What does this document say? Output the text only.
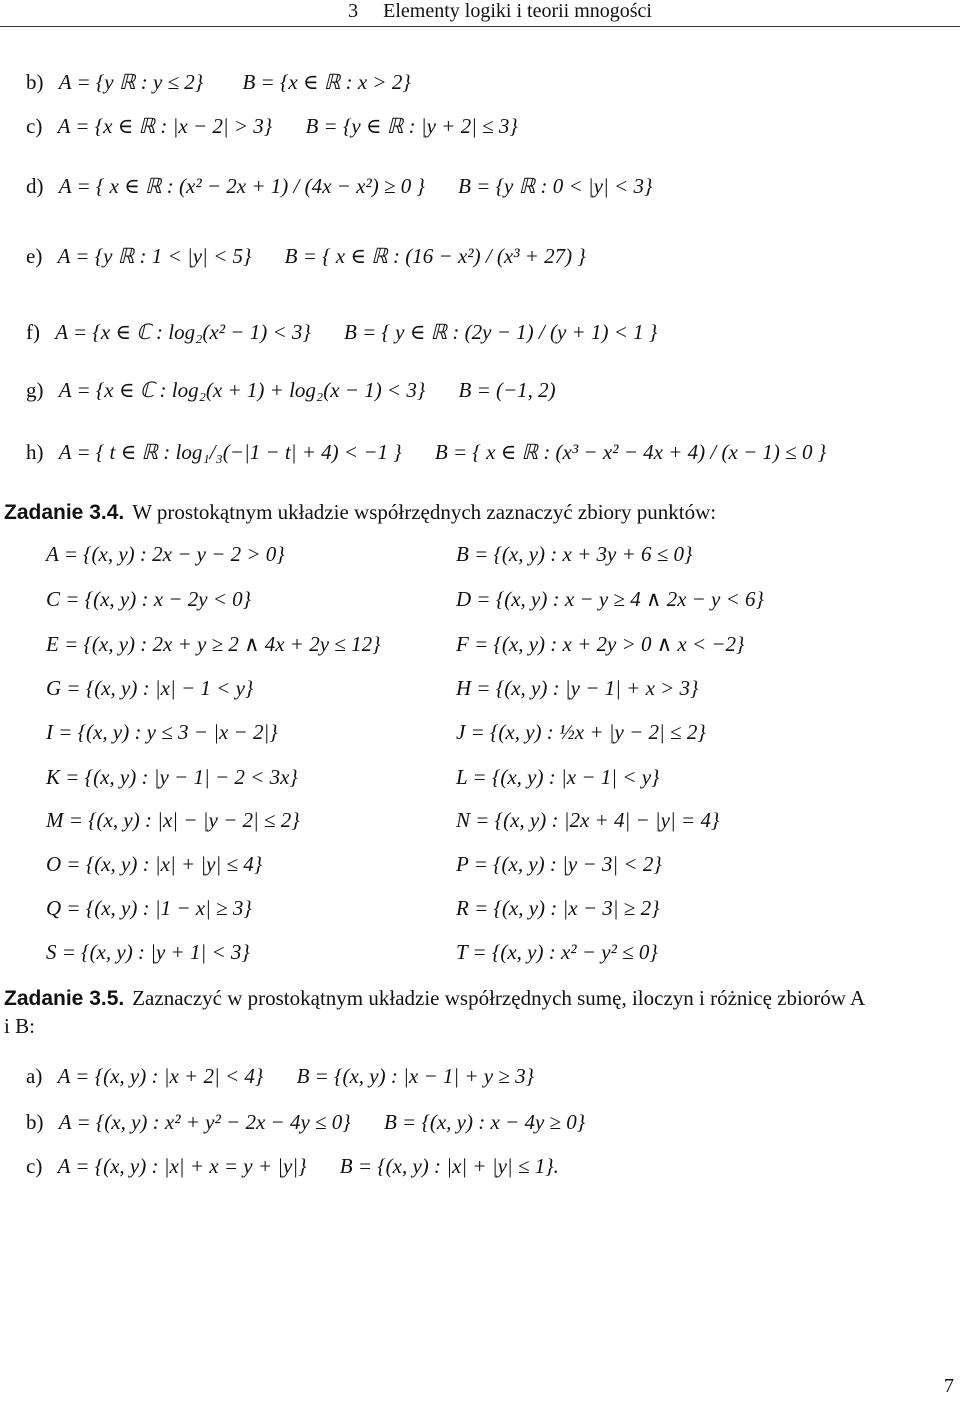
3 Elementy logiki i teorii mnogości
b) A = {y ℝ : y ≤ 2} B = {x ∈ ℝ : x > 2}
c) A = {x ∈ ℝ : |x − 2| > 3} B = {y ∈ ℝ : |y + 2| ≤ 3}
d) A = { x ∈ ℝ : (x² − 2x + 1) / (4x − x²) ≥ 0 } B = {y ℝ : 0 < |y| < 3}
e) A = {y ℝ : 1 < |y| < 5} B = { x ∈ ℝ : (16 − x²) / (x³ + 27) }
f) A = {x ∈ ℂ : log₂(x² − 1) < 3} B = { y ∈ ℝ : (2y − 1) / (y + 1) < 1 }
g) A = {x ∈ ℂ : log₂(x + 1) + log₂(x − 1) < 3} B = (−1, 2)
h) A = { t ∈ ℝ : log₁/₃(−|1 − t| + 4) < −1 } B = { x ∈ ℝ : (x³ − x² − 4x + 4) / (x − 1) ≤ 0 }
Zadanie 3.4. W prostokątnym układzie współrzędnych zaznaczyć zbiory punktów:
A = {(x, y) : 2x − y − 2 > 0}	B = {(x, y) : x + 3y + 6 ≤ 0}
C = {(x, y) : x − 2y < 0}	D = {(x, y) : x − y ≥ 4 ∧ 2x − y < 6}
E = {(x, y) : 2x + y ≥ 2 ∧ 4x + 2y ≤ 12}	F = {(x, y) : x + 2y > 0 ∧ x < −2}
G = {(x, y) : |x| − 1 < y}	H = {(x, y) : |y − 1| + x > 3}
I = {(x, y) : y ≤ 3 − |x − 2|}	J = {(x, y) : ½x + |y − 2| ≤ 2}
K = {(x, y) : |y − 1| − 2 < 3x}	L = {(x, y) : |x − 1| < y}
M = {(x, y) : |x| − |y − 2| ≤ 2}	N = {(x, y) : |2x + 4| − |y| = 4}
O = {(x, y) : |x| + |y| ≤ 4}	P = {(x, y) : |y − 3| < 2}
Q = {(x, y) : |1 − x| ≥ 3}	R = {(x, y) : |x − 3| ≥ 2}
S = {(x, y) : |y + 1| < 3}	T = {(x, y) : x² − y² ≤ 0}
Zadanie 3.5. Zaznaczyć w prostokątnym układzie współrzędnych sumę, iloczyn i różnicę zbiorów A
i B:
a) A = {(x, y) : |x + 2| < 4} B = {(x, y) : |x − 1| + y ≥ 3}
b) A = {(x, y) : x² + y² − 2x − 4y ≤ 0} B = {(x, y) : x − 4y ≥ 0}
c) A = {(x, y) : |x| + x = y + |y|} B = {(x, y) : |x| + |y| ≤ 1}.
7
